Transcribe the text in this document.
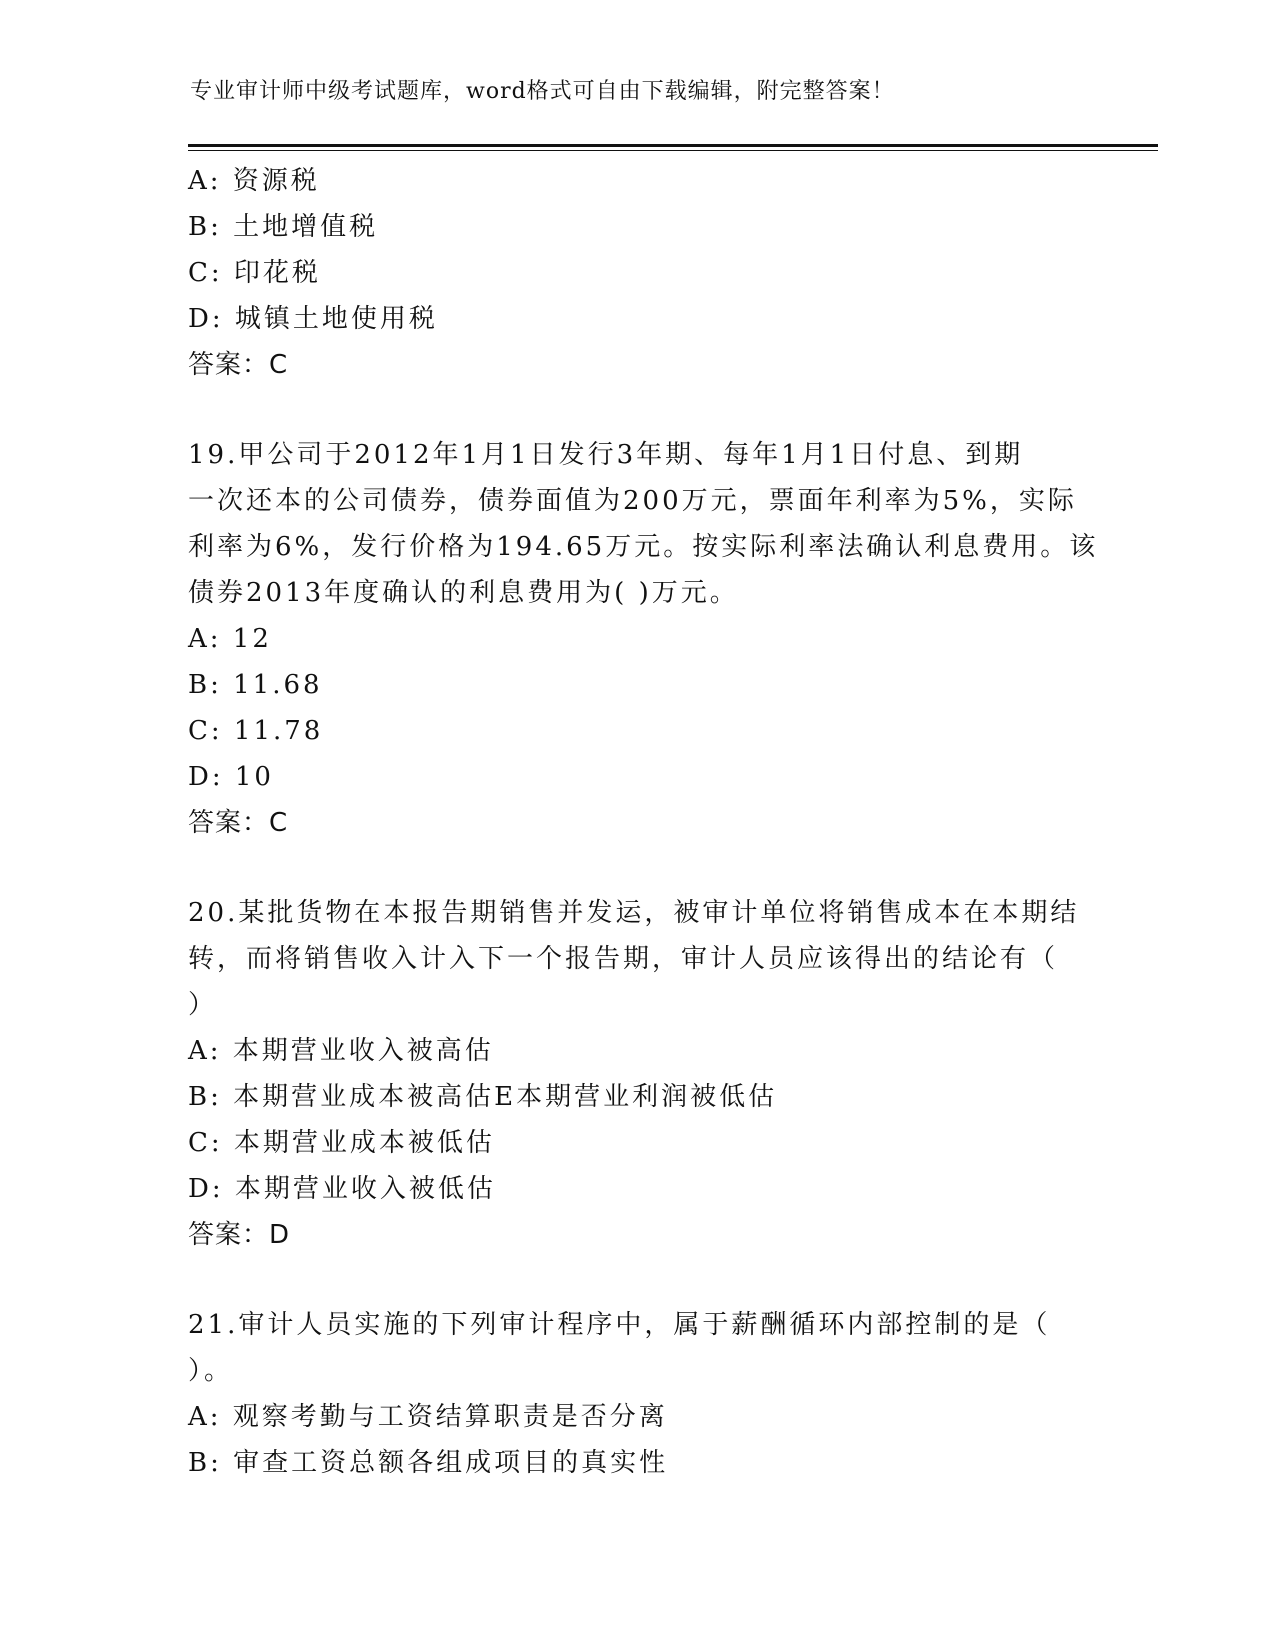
专业审计师中级考试题库，word格式可自由下载编辑，附完整答案！
A: 资源税
B: 土地增值税
C: 印花税
D: 城镇土地使用税
答案：C
19.甲公司于2012年1月1日发行3年期、每年1月1日付息、到期
一次还本的公司债券，债券面值为200万元，票面年利率为5%，实际
利率为6%，发行价格为194.65万元。按实际利率法确认利息费用。该
债券2013年度确认的利息费用为( )万元。
A: 12
B: 11.68
C: 11.78
D: 10
答案：C
20.某批货物在本报告期销售并发运，被审计单位将销售成本在本期结
转，而将销售收入计入下一个报告期，审计人员应该得出的结论有（
）
A: 本期营业收入被高估
B: 本期营业成本被高估E本期营业利润被低估
C: 本期营业成本被低估
D: 本期营业收入被低估
答案：D
21.审计人员实施的下列审计程序中，属于薪酬循环内部控制的是（
）。
A: 观察考勤与工资结算职责是否分离
B: 审查工资总额各组成项目的真实性
